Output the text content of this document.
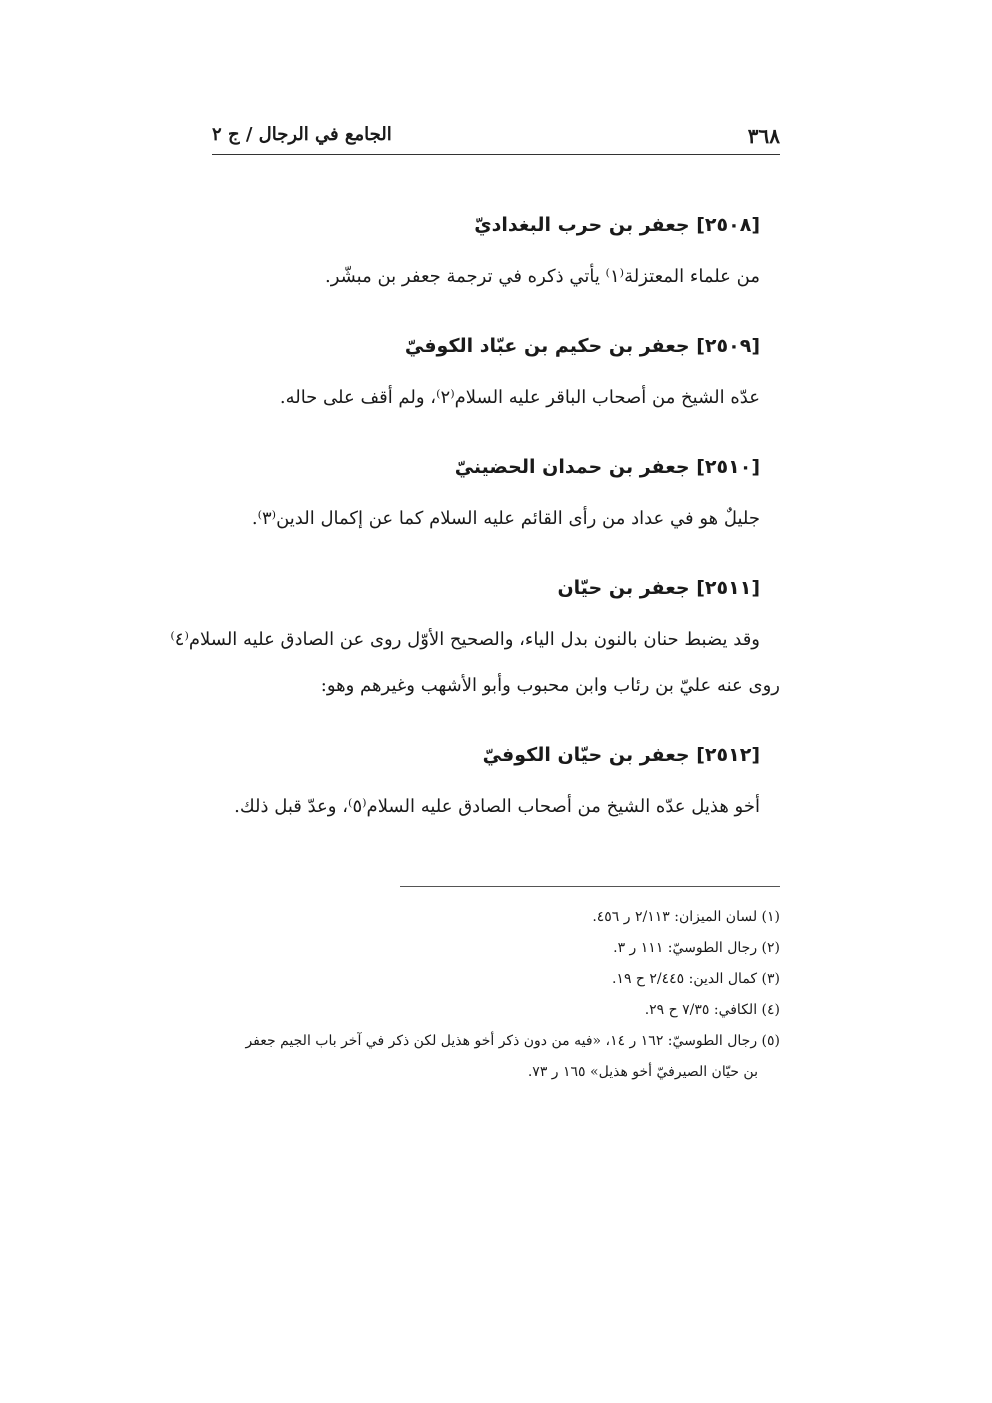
٣٦٨
الجامع في الرجال / ج ٢
[٢٥٠٨] جعفر بن حرب البغداديّ
من علماء المعتزلة⁽١⁾ يأتي ذكره في ترجمة جعفر بن مبشّر.
[٢٥٠٩] جعفر بن حكيم بن عبّاد الكوفيّ
عدّه الشيخ من أصحاب الباقر عليه السلام⁽٢⁾، ولم أقف على حاله.
[٢٥١٠] جعفر بن حمدان الحضينيّ
جليلٌ هو في عداد من رأى القائم عليه السلام كما عن إكمال الدين⁽٣⁾.
[٢٥١١] جعفر بن حيّان
وقد يضبط حنان بالنون بدل الياء، والصحيح الأوّل روى عن الصادق عليه السلام⁽٤⁾
روى عنه عليّ بن رئاب وابن محبوب وأبو الأشهب وغيرهم وهو:
[٢٥١٢] جعفر بن حيّان الكوفيّ
أخو هذيل عدّه الشيخ من أصحاب الصادق عليه السلام⁽٥⁾، وعدّ قبل ذلك.
(١) لسان الميزان: ٢/١١٣ ر ٤٥٦.
(٢) رجال الطوسيّ: ١١١ ر ٣.
(٣) كمال الدين: ٢/٤٤٥ ح ١٩.
(٤) الكافي: ٧/٣٥ ح ٢٩.
(٥) رجال الطوسيّ: ١٦٢ ر ١٤، «فيه من دون ذكر أخو هذيل لكن ذكر في آخر باب الجيم جعفر
بن حيّان الصيرفيّ أخو هذيل» ١٦٥ ر ٧٣.
